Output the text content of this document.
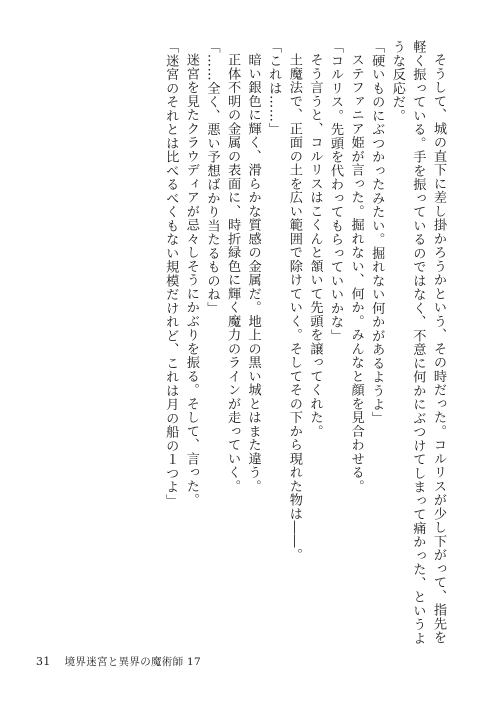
そうして、城の直下に差し掛かろうかという、その時だった。コルリスが少し下がって、指先を
軽く振っている。手を振っているのではなく、不意に何かにぶつけてしまって痛かった、というよ
うな反応だ。
「硬いものにぶつかったみたい。掘れない何かがあるようよ」
ステファニア姫が言った。掘れない、何か。みんなと顔を見合わせる。
「コルリス。先頭を代わってもらっていいかな」
そう言うと、コルリスはこくんと頷いて先頭を譲ってくれた。
土魔法で、正面の土を広い範囲で除けていく。そしてその下から現れた物は――。
「これは……」
暗い銀色に輝く、滑らかな質感の金属だ。地上の黒い城とはまた違う。
正体不明の金属の表面に、時折緑色に輝く魔力のラインが走っていく。
「……全く、悪い予想ばかり当たるものね」
迷宮を見たクラウディアが忌々しそうにかぶりを振る。そして、言った。
「迷宮のそれとは比べるべくもない規模だけれど、これは月の船の１つよ」
31 境界迷宮と異界の魔術師 17
